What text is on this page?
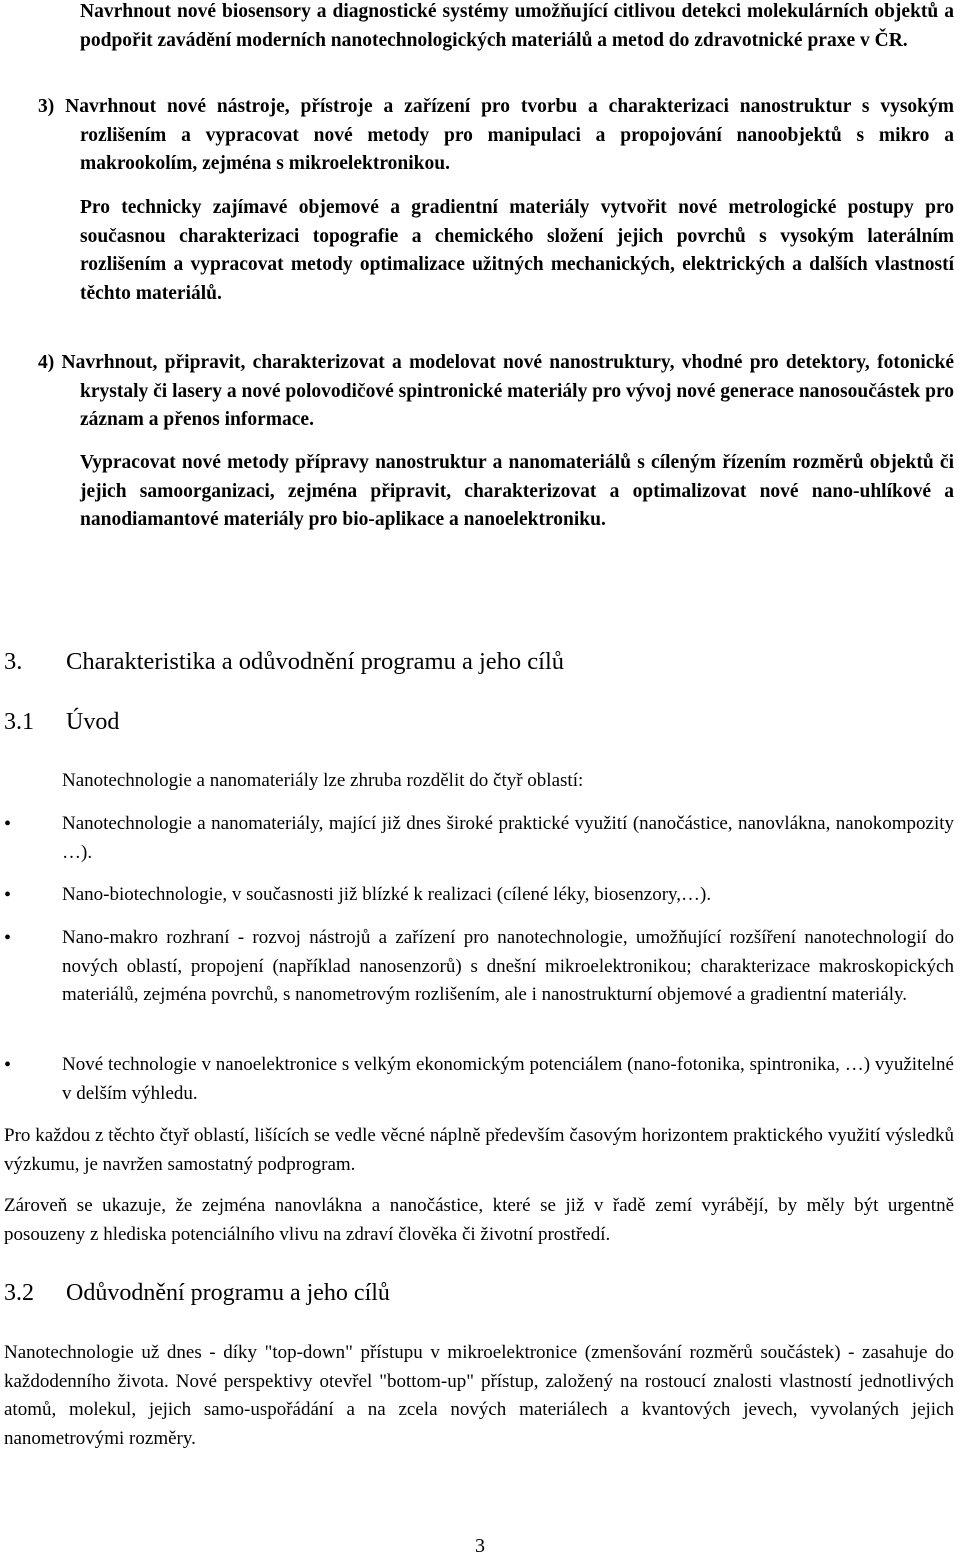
Navrhnout nové biosensory a diagnostické systémy umožňující citlivou detekci molekulárních objektů a podpořit zavádění moderních nanotechnologických materiálů a metod do zdravotnické praxe v ČR.

3) Navrhnout nové nástroje, přístroje a zařízení pro tvorbu a charakterizaci nanostruktur s vysokým rozlišením a vypracovat nové metody pro manipulaci a propojování nanoobjektů s mikro a makrookolím, zejména s mikroelektronikou.

Pro technicky zajímavé objemové a gradientní materiály vytvořit nové metrologické postupy pro současnou charakterizaci topografie a chemického složení jejich povrchů s vysokým laterálním rozlišením a vypracovat metody optimalizace užitných mechanických, elektrických a dalších vlastností těchto materiálů.

4) Navrhnout, připravit, charakterizovat a modelovat nové nanostruktury, vhodné pro detektory, fotonické krystaly či lasery a nové polovodičové spintronické materiály pro vývoj nové generace nanosoučástek pro záznam a přenos informace.

Vypracovat nové metody přípravy nanostruktur a nanomateriálů s cíleným řízením rozměrů objektů či jejich samoorganizaci, zejména připravit, charakterizovat a optimalizovat nové nano-uhlíkové a nanodiamantové materiály pro bio-aplikace a nanoelektroniku.

3.	Charakteristika a odůvodnění programu a jeho cílů
3.1	Úvod

Nanotechnologie a nanomateriály lze zhruba rozdělit do čtyř oblastí:

•	Nanotechnologie a nanomateriály, mající již dnes široké praktické využití (nanočástice, nanovlákna, nanokompozity …).

•	Nano-biotechnologie, v současnosti již blízké k realizaci (cílené léky, biosenzory,…).

•	Nano-makro rozhraní - rozvoj nástrojů a zařízení pro nanotechnologie, umožňující rozšíření nanotechnologií do nových oblastí, propojení (například nanosenzorů) s dnešní mikroelektronikou; charakterizace makroskopických materiálů, zejména povrchů, s nanometrovým rozlišením, ale i nanostrukturní objemové a gradientní materiály.

•	Nové technologie v nanoelektronice s velkým ekonomickým potenciálem (nano-fotonika, spintronika, …) využitelné v delším výhledu.

Pro každou z těchto čtyř oblastí, lišících se vedle věcné náplně především časovým horizontem praktického využití výsledků výzkumu, je navržen samostatný podprogram.

Zároveň se ukazuje, že zejména nanovlákna a nanočástice, které se již v řadě zemí vyrábějí, by měly být urgentně posouzeny z hlediska potenciálního vlivu na zdraví člověka či životní prostředí.

3.2	Odůvodnění programu a jeho cílů

Nanotechnologie už dnes - díky "top-down" přístupu v mikroelektronice (zmenšování rozměrů součástek) - zasahuje do každodenního života. Nové perspektivy otevřel "bottom-up" přístup, založený na rostoucí znalosti vlastností jednotlivých atomů, molekul, jejich samo-uspořádání a na zcela nových materiálech a kvantových jevech, vyvolaných jejich nanometrovými rozměry.

3
